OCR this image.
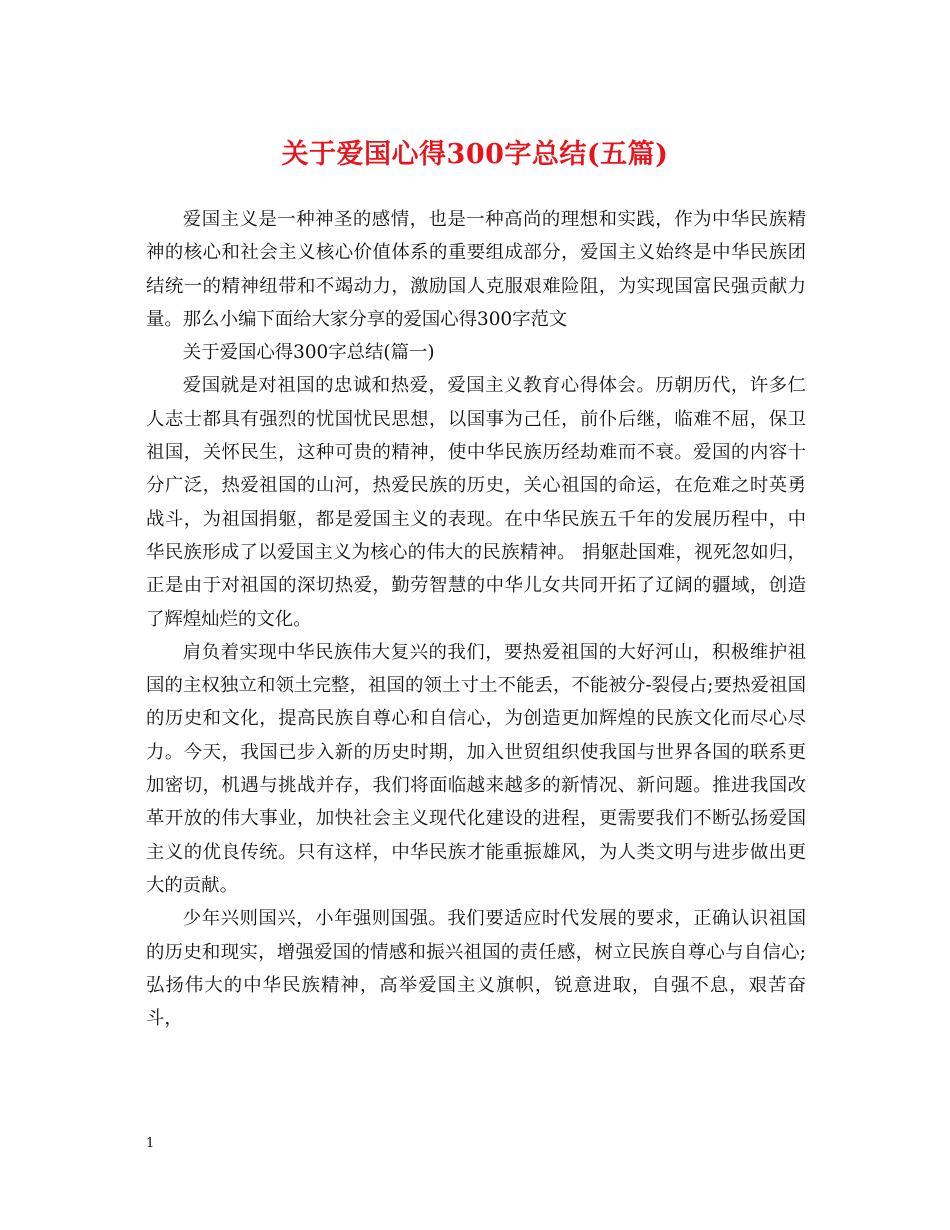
关于爱国心得300字总结(五篇)

爱国主义是一种神圣的感情，也是一种高尚的理想和实践，作为中华民族精神的核心和社会主义核心价值体系的重要组成部分，爱国主义始终是中华民族团结统一的精神纽带和不竭动力，激励国人克服艰难险阻，为实现国富民强贡献力量。那么小编下面给大家分享的爱国心得300字范文

关于爱国心得300字总结(篇一)

爱国就是对祖国的忠诚和热爱，爱国主义教育心得体会。历朝历代，许多仁人志士都具有强烈的忧国忧民思想，以国事为己任，前仆后继，临难不屈，保卫祖国，关怀民生，这种可贵的精神，使中华民族历经劫难而不衰。爱国的内容十分广泛，热爱祖国的山河，热爱民族的历史，关心祖国的命运，在危难之时英勇战斗，为祖国捐躯，都是爱国主义的表现。在中华民族五千年的发展历程中，中华民族形成了以爱国主义为核心的伟大的民族精神。 捐躯赴国难，视死忽如归，正是由于对祖国的深切热爱，勤劳智慧的中华儿女共同开拓了辽阔的疆域，创造了辉煌灿烂的文化。

肩负着实现中华民族伟大复兴的我们，要热爱祖国的大好河山，积极维护祖国的主权独立和领土完整，祖国的领土寸土不能丢，不能被分-裂侵占;要热爱祖国的历史和文化，提高民族自尊心和自信心，为创造更加辉煌的民族文化而尽心尽力。今天，我国已步入新的历史时期，加入世贸组织使我国与世界各国的联系更加密切，机遇与挑战并存，我们将面临越来越多的新情况、新问题。推进我国改革开放的伟大事业，加快社会主义现代化建设的进程，更需要我们不断弘扬爱国主义的优良传统。只有这样，中华民族才能重振雄风，为人类文明与进步做出更大的贡献。

少年兴则国兴，小年强则国强。我们要适应时代发展的要求，正确认识祖国的历史和现实，增强爱国的情感和振兴祖国的责任感，树立民族自尊心与自信心;弘扬伟大的中华民族精神，高举爱国主义旗帜，锐意进取，自强不息，艰苦奋斗，

1
